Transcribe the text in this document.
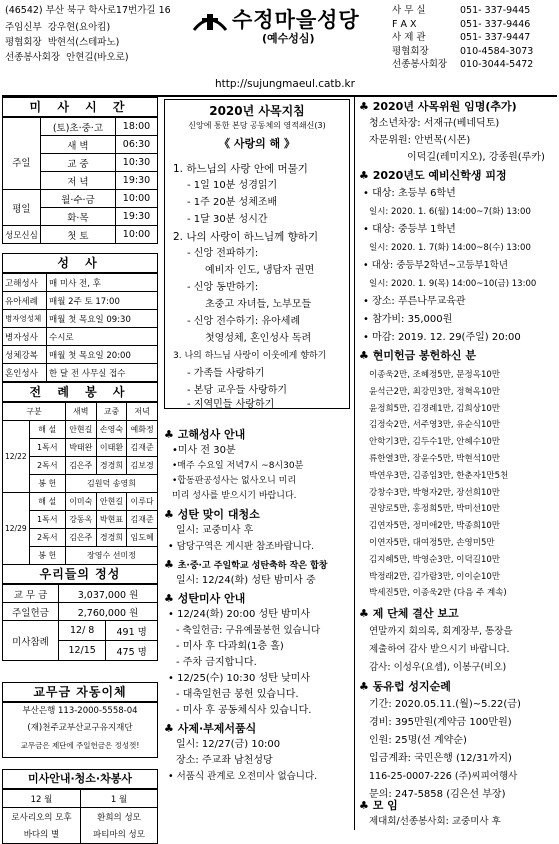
(46542) 부산 북구 학사로17번가길 16
주임신부 강우현(요아킴)
평협회장 박현석(스테파노)
선종봉사회장 안현길(바오로)
수정마을성당
(예수성심)
http://sujungmaeul.catb.kr
사 무 실	051- 337-9445
F A X	051- 337-9446
사 제 관	051- 337-9447
평협회장	010-4584-3073
선종봉사회장	010-3044-5472
미 사 시 간
	(토)초·중·고	18:00
주일	새 벽	06:30
	교 중	10:30
	저 녁	19:30
평일	월·수·금	10:00
	화·목	19:30
성모신심	첫 토	10:00
성 사
고해성사	매 미사 전, 후
유아세례	매월 2주 토 17:00
병자영성체	매월 첫 목요일 09:30
병자성사	수시로
성체강복	매월 첫 목요일 20:00
혼인성사	한 달 전 사무실 접수
전 례 봉 사
구분		새벽	교중	저녁
12/22	해 설	안현길	손영숙	예화정
	1독서	박태완	이태환	김재준
	2독서	김은주	경경희	김보경
	봉 헌	김원덕 송영희		
12/29	해 설	이미숙	안현길	이루다
	1독서	강동옥	박현표	김재준
	2독서	김은주	경경희	임도혜
	봉 헌	장영수 선미정		
우리들의 정성
교 무 금	3,037,000 원	
주일헌금	2,760,000 원	
미사참례	12/ 8	491 명
	12/15	475 명
교무금 자동이체
부산은행 113-2000-5558-04
(재)천주교부산교구유지재단
교무금은 제단에 주일헌금은 정성껏!
미사안내·청소·차봉사
12 월	1 월
로사리오의 모후	환희의 성모
바다의 별	파티마의 성모
2020년 사목지침
신앙에 통한 본당 공동체의 영적쇄신(3)
《 사랑의 해 》
1. 하느님의 사랑 안에 머물기
- 1일 10분 성경읽기
- 1주 20분 성체조배
- 1달 30분 성시간
2. 나의 사랑이 하느님께 향하기
- 신앙 전파하기:
예비자 인도, 냉담자 권면
- 신앙 동반하기:
초중고 자녀들, 노부모들
- 신앙 전수하기: 유아세례
첫영성체, 혼인성사 독려
3. 나의 하느님 사랑이 이웃에게 향하기
- 가족들 사랑하기
- 본당 교우들 사랑하기
- 지역민들 사랑하기
♣ 고해성사 안내
•미사 전 30분
•매주 수요일 저녁7시 ~8시30분
•합동판공성사는 없사오니 미리
미리 성사를 받으시기 바랍니다.
♣ 성탄 맞이 대청소
일시: 교중미사 후
• 담당구역은 게시판 참조바랍니다.
♣ 초·중·고 주일학교 성탄축하 작은 합창
일시: 12/24(화) 성탄 밤미사 중
♣ 성탄미사 안내
• 12/24(화) 20:00 성탄 밤미사
- 축일헌금: 구유예물봉헌 있습니다
- 미사 후 다과회(1층 홀)
- 주차 금지합니다.
• 12/25(수) 10:30 성탄 낮미사
- 대축일헌금 봉헌 있습니다.
- 미사 후 공동체식사 있습니다.
♣ 사제·부제서품식
일시: 12/27(금) 10:00
장소: 주교좌 남천성당
• 서품식 관계로 오전미사 없습니다.
♣ 2020년 사목위원 임명(추가)
청소년차장: 서재규(베네딕토)
자문위원: 안번목(시몬)
이덕길(레미지오), 강종원(루카)
♣ 2020년도 예비신학생 피정
• 대상: 초등부 6학년
일시: 2020. 1. 6(월) 14:00~7(화) 13:00
• 대상: 중등부 1학년
일시: 2020. 1. 7(화) 14:00~8(수) 13:00
• 대상: 중등부2학년~고등부1학년
일시: 2020. 1. 9(목) 14:00~10(금) 13:00
• 장소: 푸른나무교육관
• 참가비: 35,000원
• 마감: 2019. 12. 29(주일) 20:00
♣ 현미헌금 봉헌하신 분
이종욱2만, 조혜정5만, 문정옥10만
윤석근2만, 최강민3만, 정혁옥10만
윤정희5만, 김경례1만, 김희상10만
김정숙2만, 서주영3만, 유순식10만
안학기3만, 김두수1만, 안혜수10만
류한열3만, 장윤수5만, 박현석10만
박연우3만, 김종임3만, 한춘자1만5천
강창수3만, 박형자2만, 장선희10만
권양로5만, 홍정희5만, 박미선10만
김연자5만, 정미애2만, 박종희10만
이연자5만, 대여정5만, 손영미5만
김지혜5만, 박영순3만, 이덕길10만
박정래2만, 김가람3만, 이이순10만
박세진5만, 이종욱2만 (다음 주 계속)
♣ 제 단체 결산 보고
연말까지 회의록, 회계장부, 통장을
제출하여 감사 받으시기 바랍니다.
감사: 이성우(요셉), 이봉구(비오)
♣ 동유럽 성지순례
기간: 2020.05.11.(월)~5.22(금)
경비: 395만원(계약금 100만원)
인원: 25명(선 계약순)
입금계좌: 국민은행 (12/31까지)
116-25-0007-226 (주)씨피여행사
문의: 247-5858 (김은선 부장)
♣ 모 임
제대회/선종봉사회: 교중미사 후
